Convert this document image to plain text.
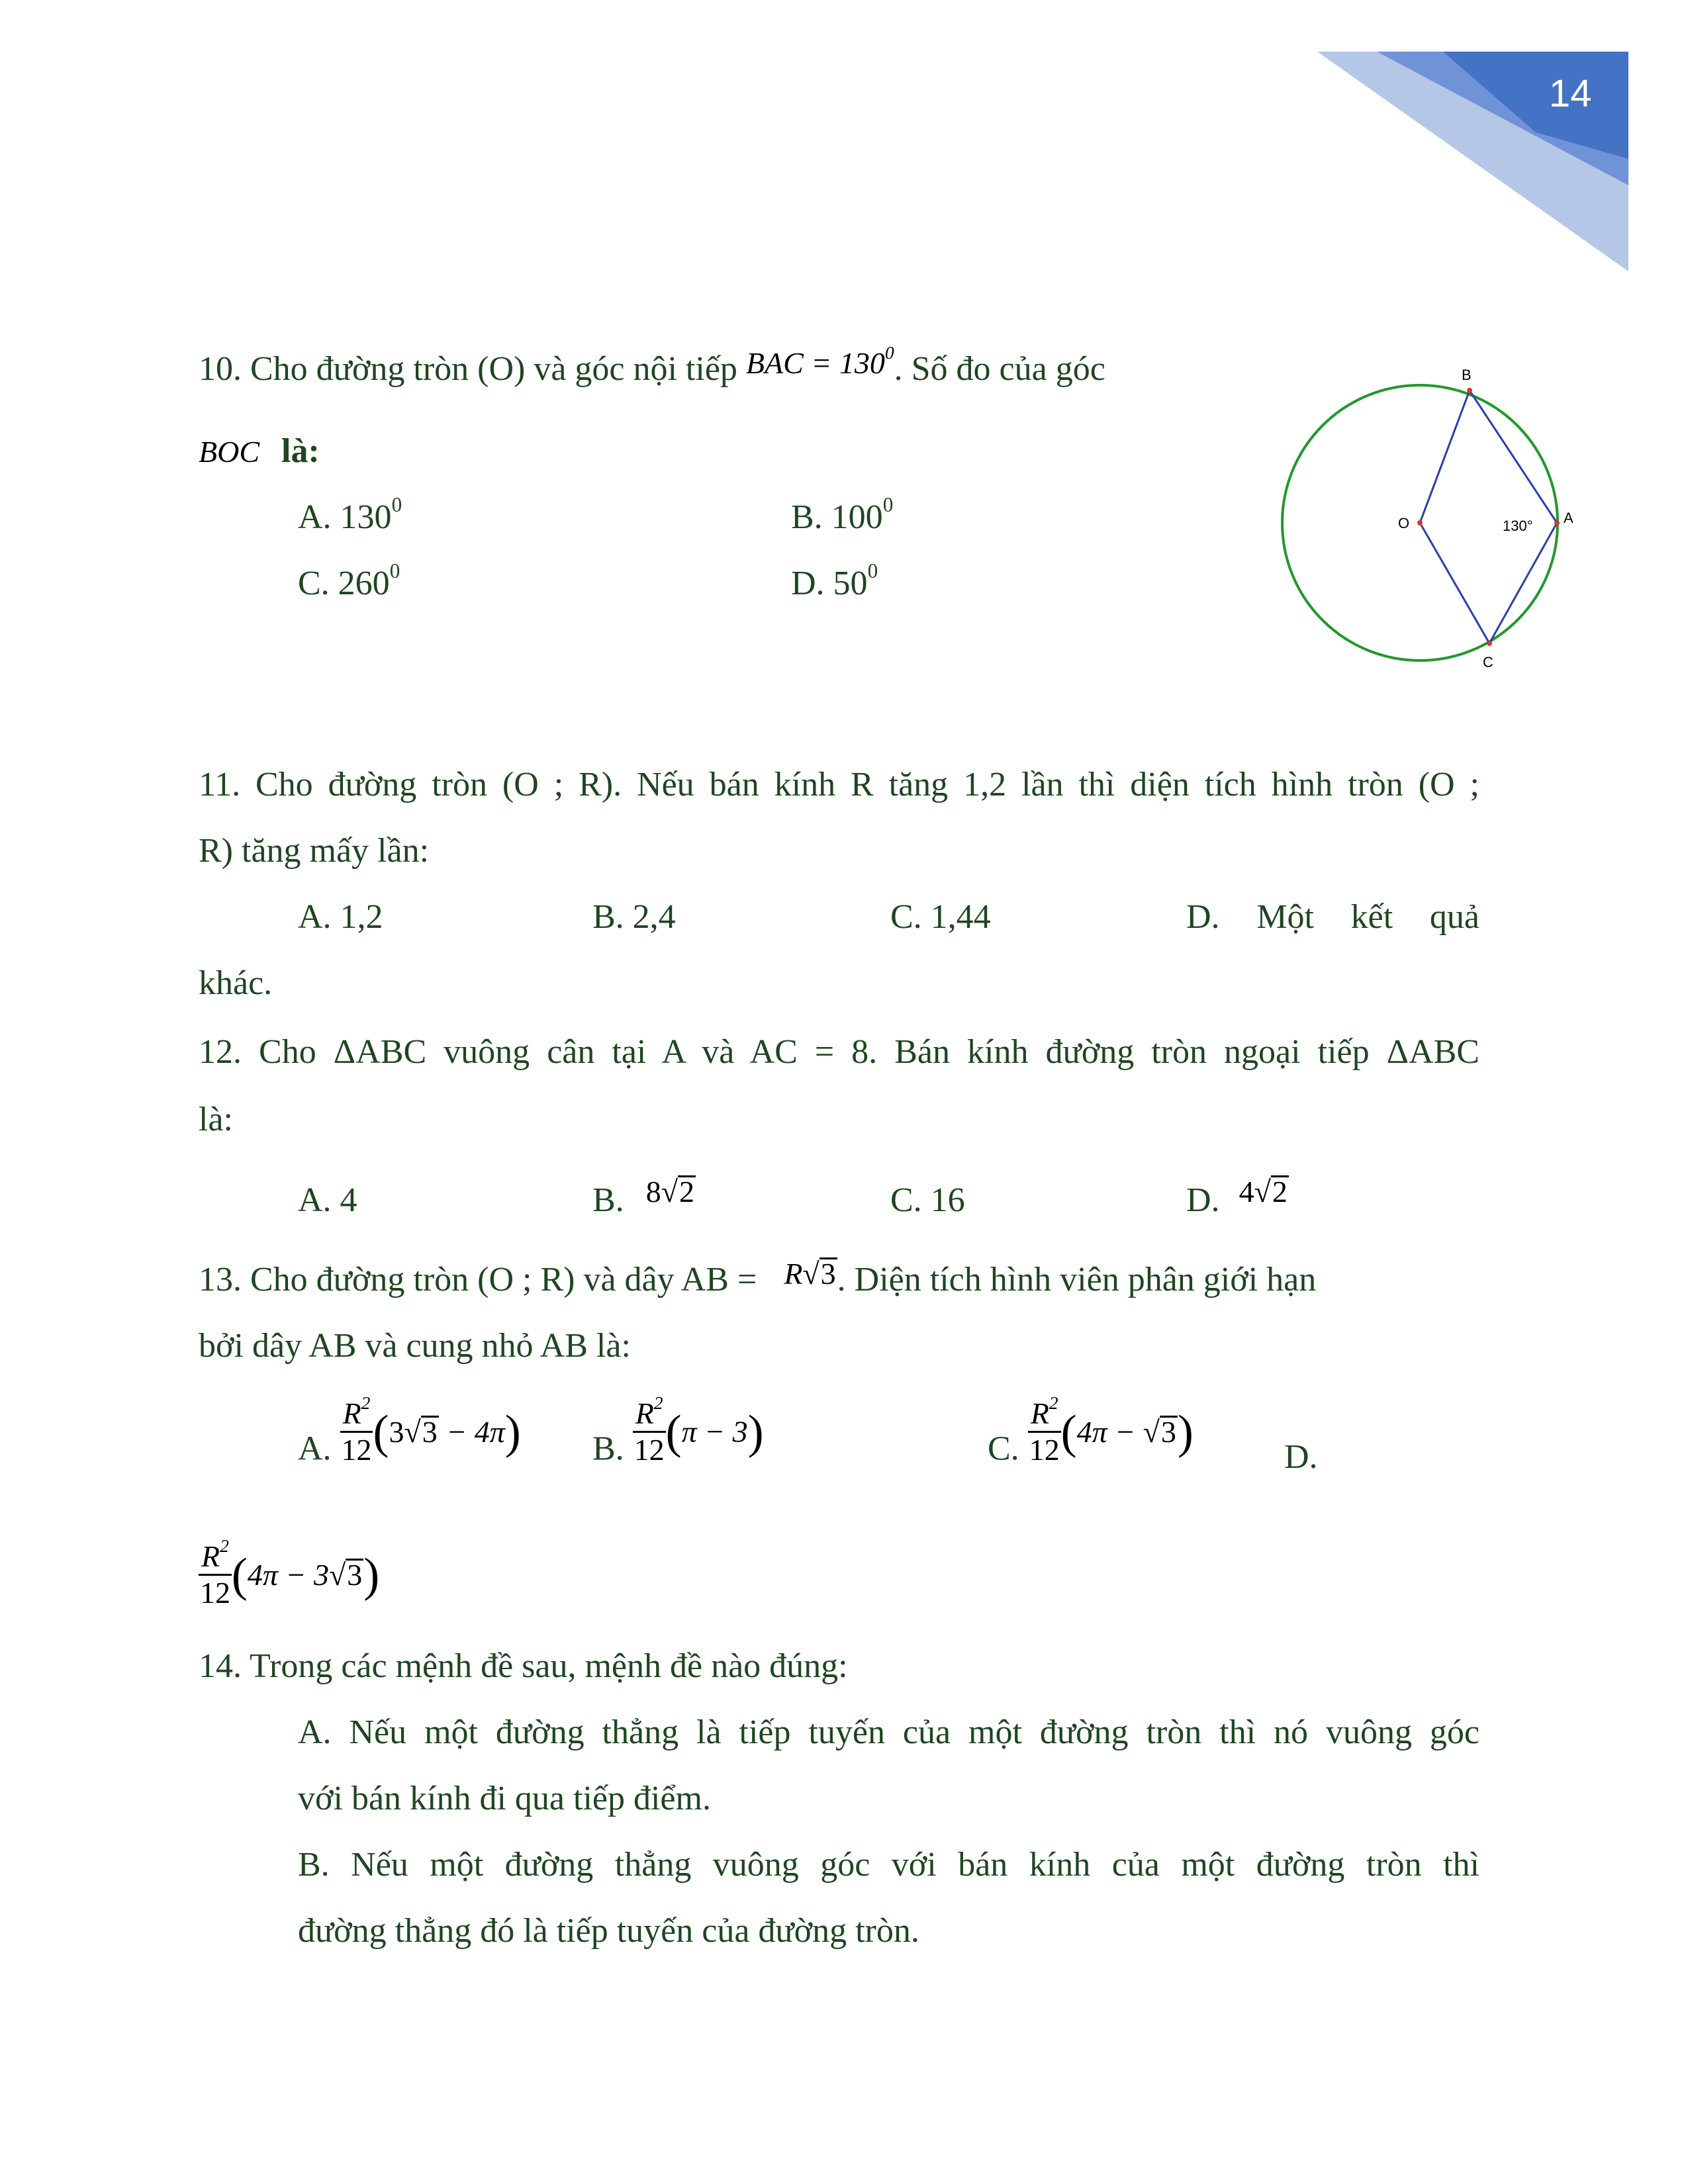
14
10. Cho đường tròn (O) và góc nội tiếp BAC = $130^0$. Số đo của góc
BOC là:
A. $130^0$	B. $100^0$
C. $260^0$	D. $50^0$
B
O	A
C
130°
11. Cho đường tròn (O ; R). Nếu bán kính R tăng 1,2 lần thì diện tích hình tròn (O ;
R) tăng mấy lần:
A. 1,2	B. 2,4	C. 1,44	D. Một kết quả
khác.
12. Cho ΔABC vuông cân tại A và AC = 8. Bán kính đường tròn ngoại tiếp ΔABC
là:
A. 4	B. 8√2	C. 16	D. 4√2
13. Cho đường tròn (O ; R) và dây AB = R√3. Diện tích hình viên phân giới hạn
bởi dây AB và cung nhỏ AB là:
A. $\frac{R^2}{12} (3√3 - 4\pi)$ B. $\frac{R^2}{12} (\pi - 3)$	C. $\frac{R^2}{12} (4\pi - √3)$	D.
$\frac{R^2}{12} (4\pi - 3√3)$
14. Trong các mệnh đề sau, mệnh đề nào đúng:
A. Nếu một đường thẳng là tiếp tuyến của một đường tròn thì nó vuông góc
với bán kính đi qua tiếp điểm.
B. Nếu một đường thẳng vuông góc với bán kính của một đường tròn thì
đường thẳng đó là tiếp tuyến của đường tròn.
